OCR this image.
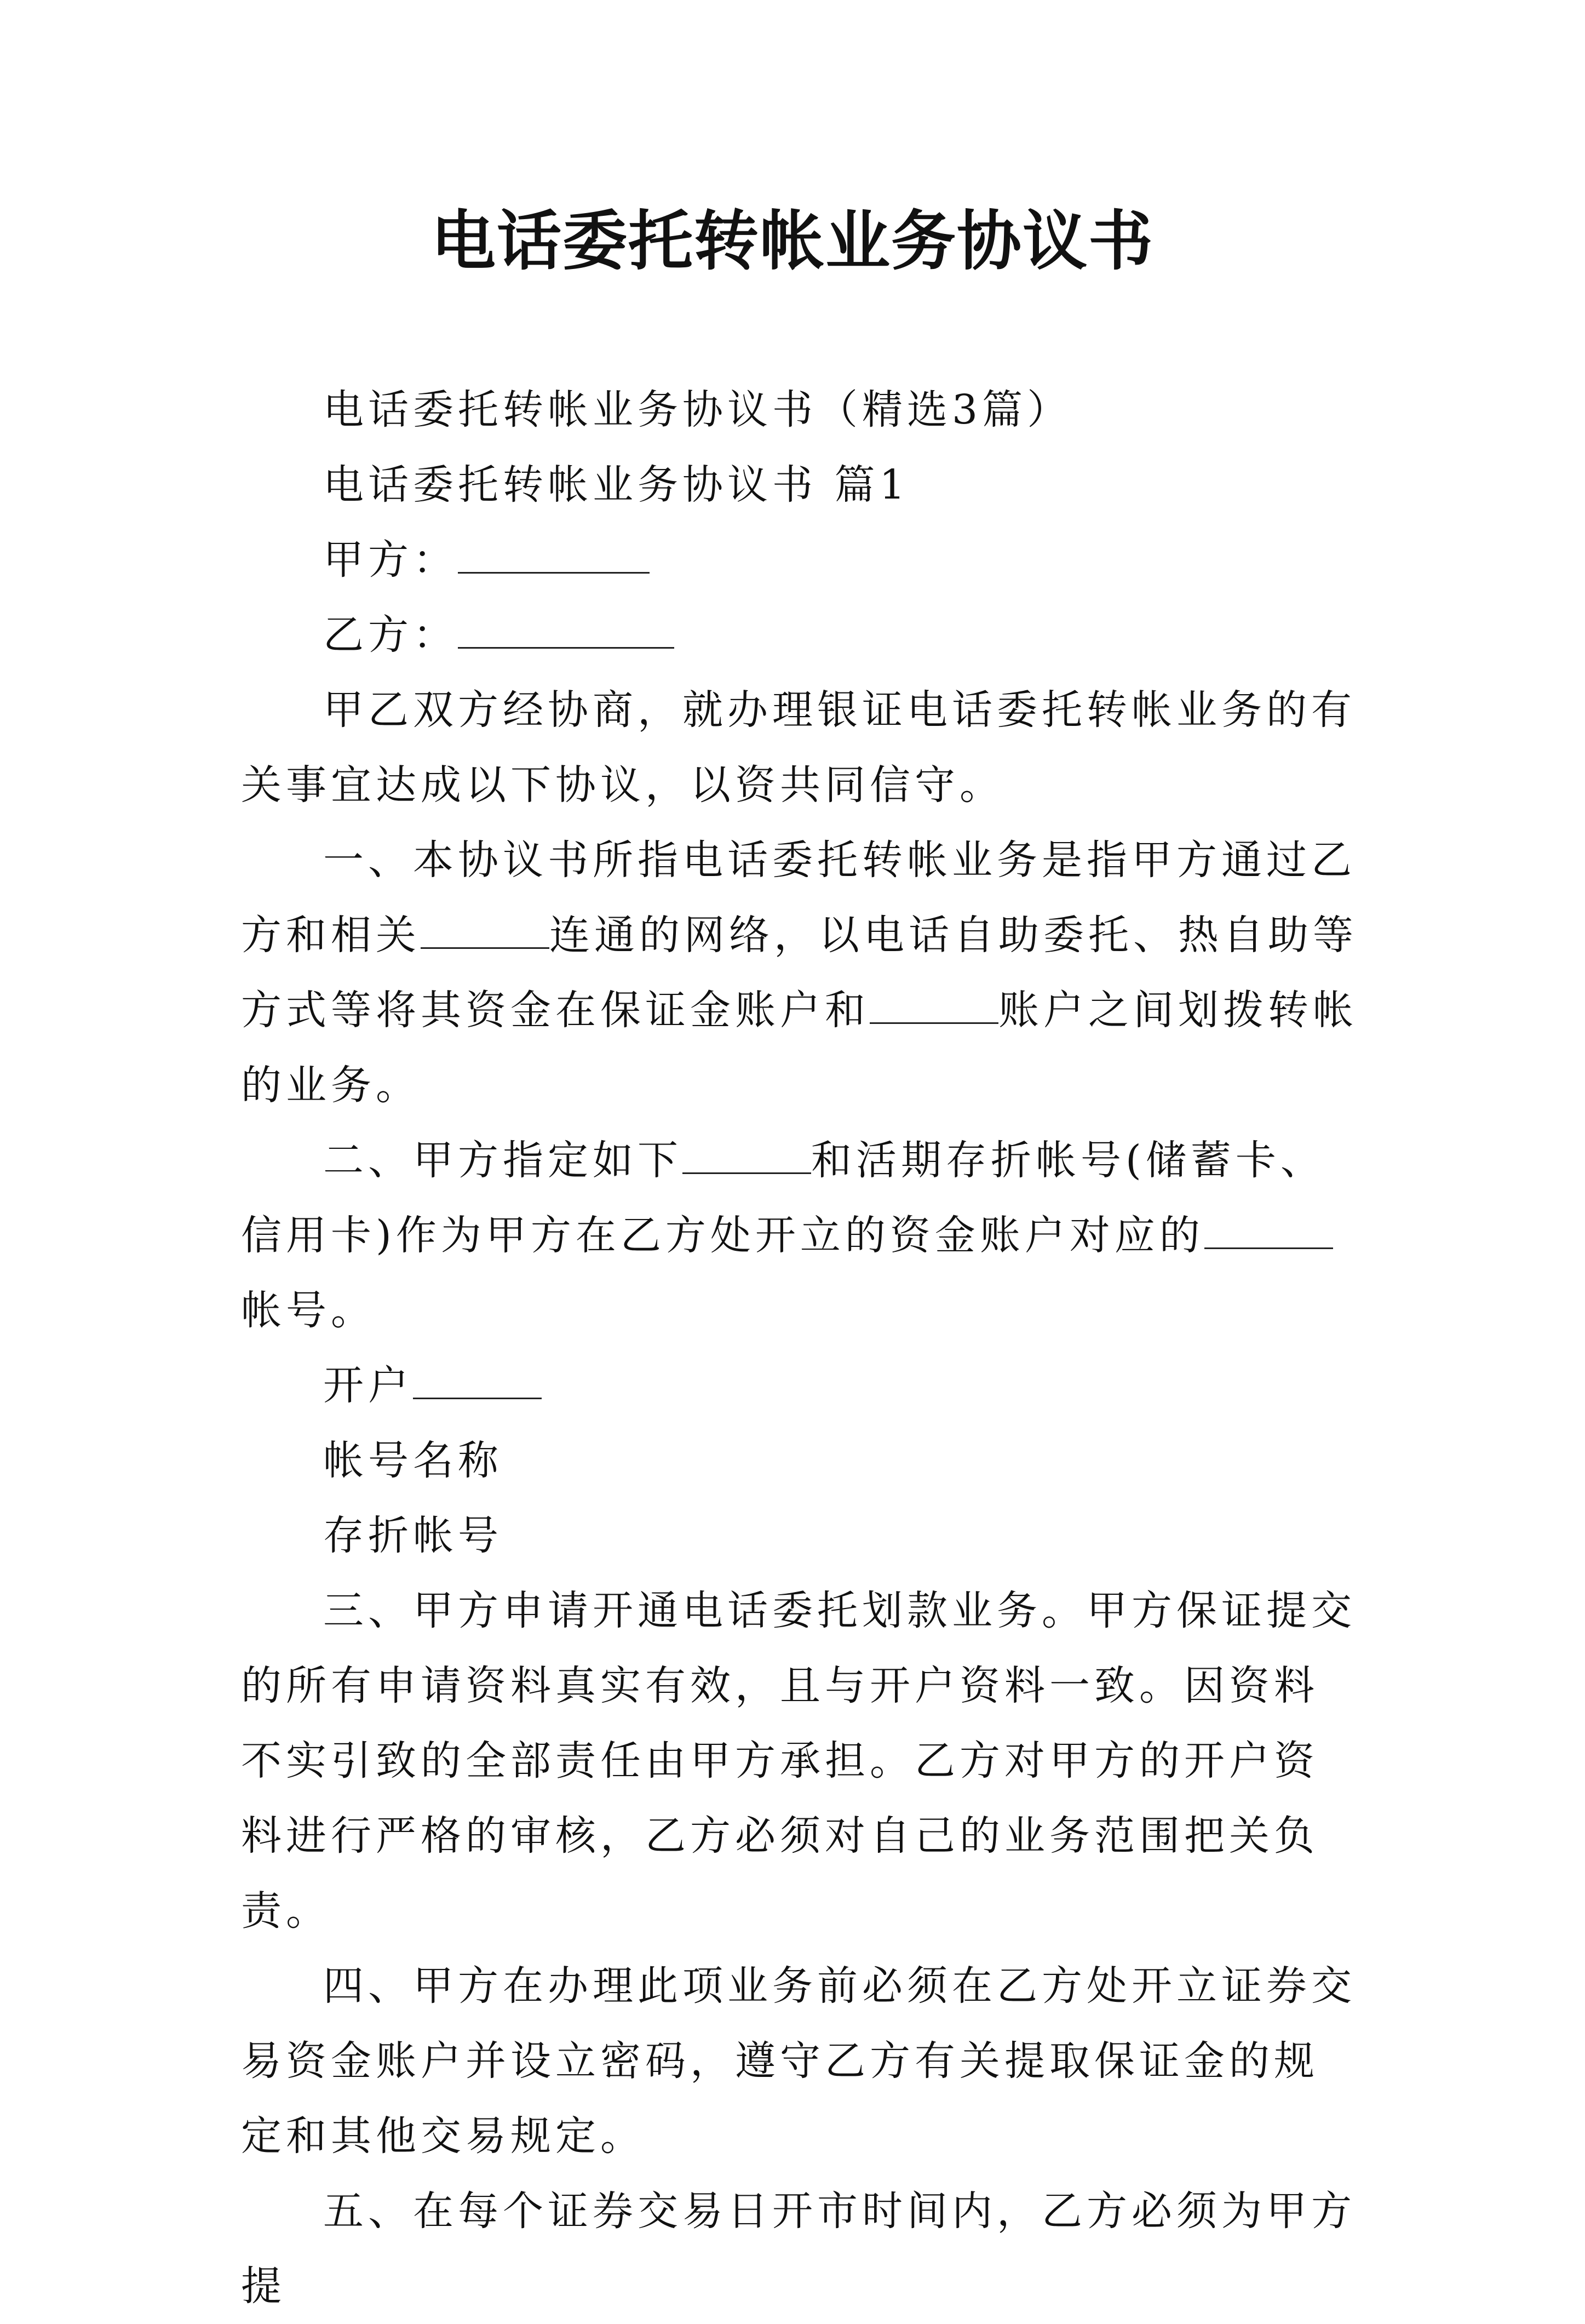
电话委托转帐业务协议书

电话委托转帐业务协议书（精选3篇）

电话委托转帐业务协议书 篇1

甲方：

乙方：

甲乙双方经协商，就办理银证电话委托转帐业务的有关事宜达成以下协议，以资共同信守。

一、本协议书所指电话委托转帐业务是指甲方通过乙方和相关	连通的网络，以电话自助委托、热自助等方式等将其资金在保证金账户和	账户之间划拨转帐的业务。

二、甲方指定如下	和活期存折帐号(储蓄卡、信用卡)作为甲方在乙方处开立的资金账户对应的帐号。

开户

帐号名称

存折帐号

三、甲方申请开通电话委托划款业务。甲方保证提交的所有申请资料真实有效，且与开户资料一致。因资料不实引致的全部责任由甲方承担。乙方对甲方的开户资料进行严格的审核，乙方必须对自己的业务范围把关负责。

四、甲方在办理此项业务前必须在乙方处开立证券交易资金账户并设立密码，遵守乙方有关提取保证金的规定和其他交易规定。

五、在每个证券交易日开市时间内，乙方必须为甲方提
